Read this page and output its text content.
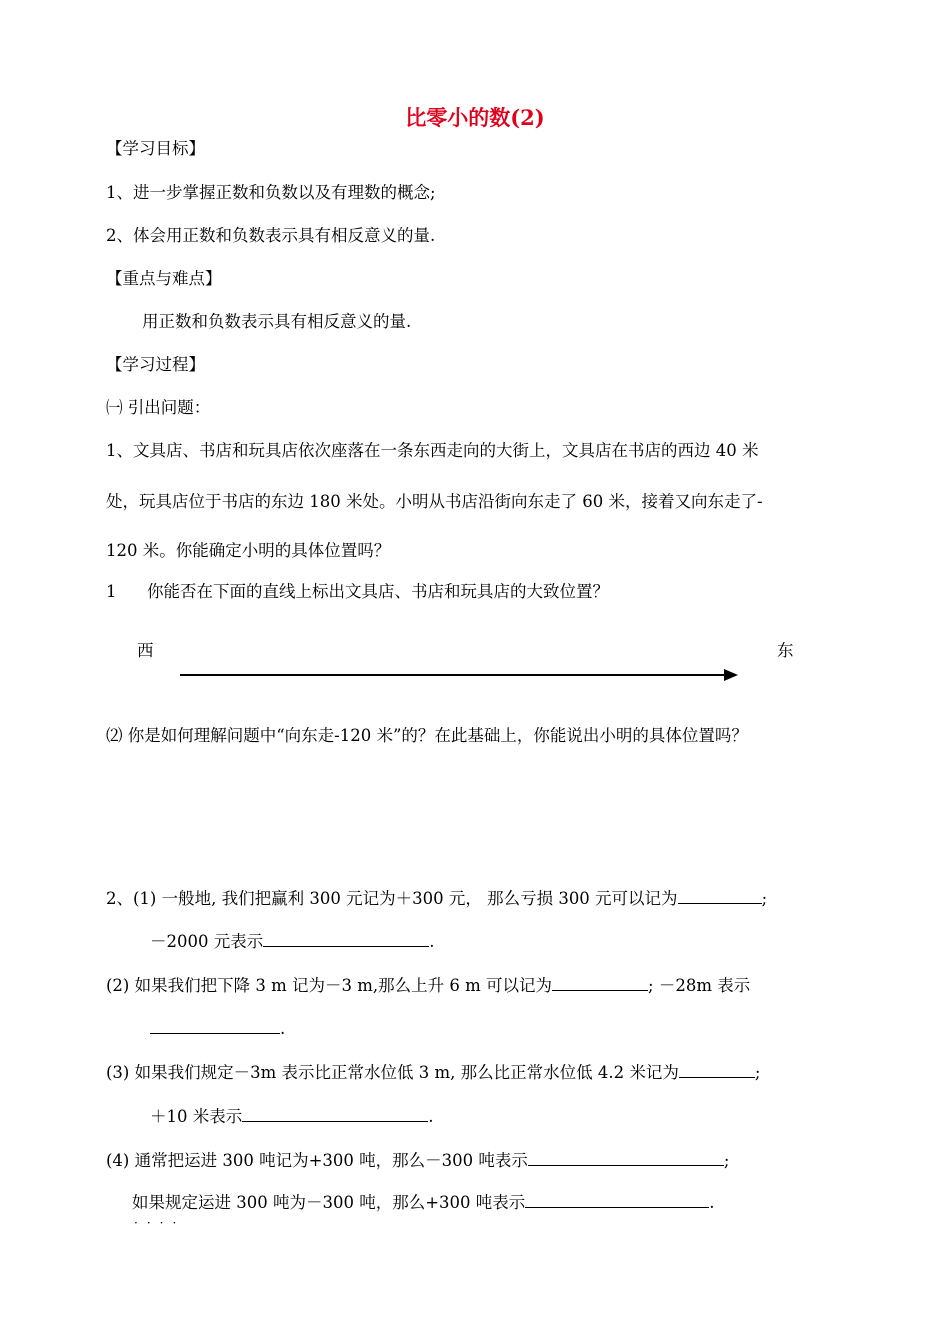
比零小的数(2)
【学习目标】
1、进一步掌握正数和负数以及有理数的概念;
2、体会用正数和负数表示具有相反意义的量.
【重点与难点】
用正数和负数表示具有相反意义的量.
【学习过程】
㈠ 引出问题：
1、文具店、书店和玩具店依次座落在一条东西走向的大街上，文具店在书店的西边 40 米
处，玩具店位于书店的东边 180 米处。小明从书店沿街向东走了 60 米，接着又向东走了-
120 米。你能确定小明的具体位置吗？
1 你能否在下面的直线上标出文具店、书店和玩具店的大致位置？
西	东
⑵ 你是如何理解问题中“向东走-120 米”的？在此基础上，你能说出小明的具体位置吗？
2、(1) 一般地, 我们把赢利 300 元记为＋300 元， 那么亏损 300 元可以记为	;
－2000 元表示	.
(2) 如果我们把下降 3 m 记为－3 m,那么上升 6 m 可以记为	; －28m 表示
.
(3) 如果我们规定－3m 表示比正常水位低 3 m, 那么比正常水位低 4.2 米记为	;
＋10 米表示	.
(4) 通常把运进 300 吨记为+300 吨，那么－300 吨表示	;
如果规定运进 300 吨为－300 吨，那么+300 吨表示	.
····
